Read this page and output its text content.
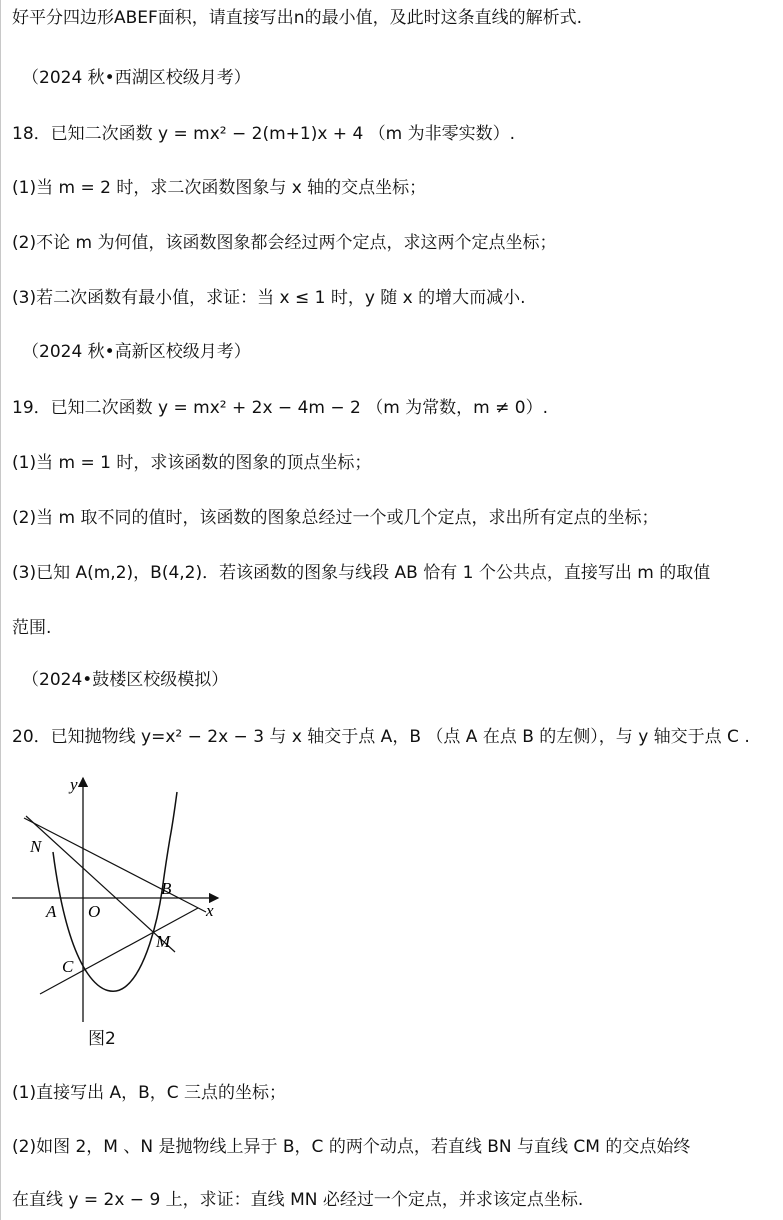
好平分四边形ABEF面积，请直接写出n的最小值，及此时这条直线的解析式.
（2024 秋•西湖区校级月考）
18．已知二次函数 y = mx² − 2(m+1)x + 4 （m 为非零实数）.
(1)当 m = 2 时，求二次函数图象与 x 轴的交点坐标；
(2)不论 m 为何值，该函数图象都会经过两个定点，求这两个定点坐标；
(3)若二次函数有最小值，求证：当 x ≤ 1 时，y 随 x 的增大而减小.
（2024 秋•高新区校级月考）
19．已知二次函数 y = mx² + 2x − 4m − 2 （m 为常数，m ≠ 0）.
(1)当 m = 1 时，求该函数的图象的顶点坐标；
(2)当 m 取不同的值时，该函数的图象总经过一个或几个定点，求出所有定点的坐标；
(3)已知 A(m,2)，B(4,2)．若该函数的图象与线段 AB 恰有 1 个公共点，直接写出 m 的取值
范围.
（2024•鼓楼区校级模拟）
20．已知抛物线 y=x² − 2x − 3 与 x 轴交于点 A，B （点 A 在点 B 的左侧），与 y 轴交于点 C .
y
x
O
A
B
C
M
N
图2
(1)直接写出 A，B，C 三点的坐标；
(2)如图 2，M 、N 是抛物线上异于 B，C 的两个动点，若直线 BN 与直线 CM 的交点始终
在直线 y = 2x − 9 上，求证：直线 MN 必经过一个定点，并求该定点坐标.
